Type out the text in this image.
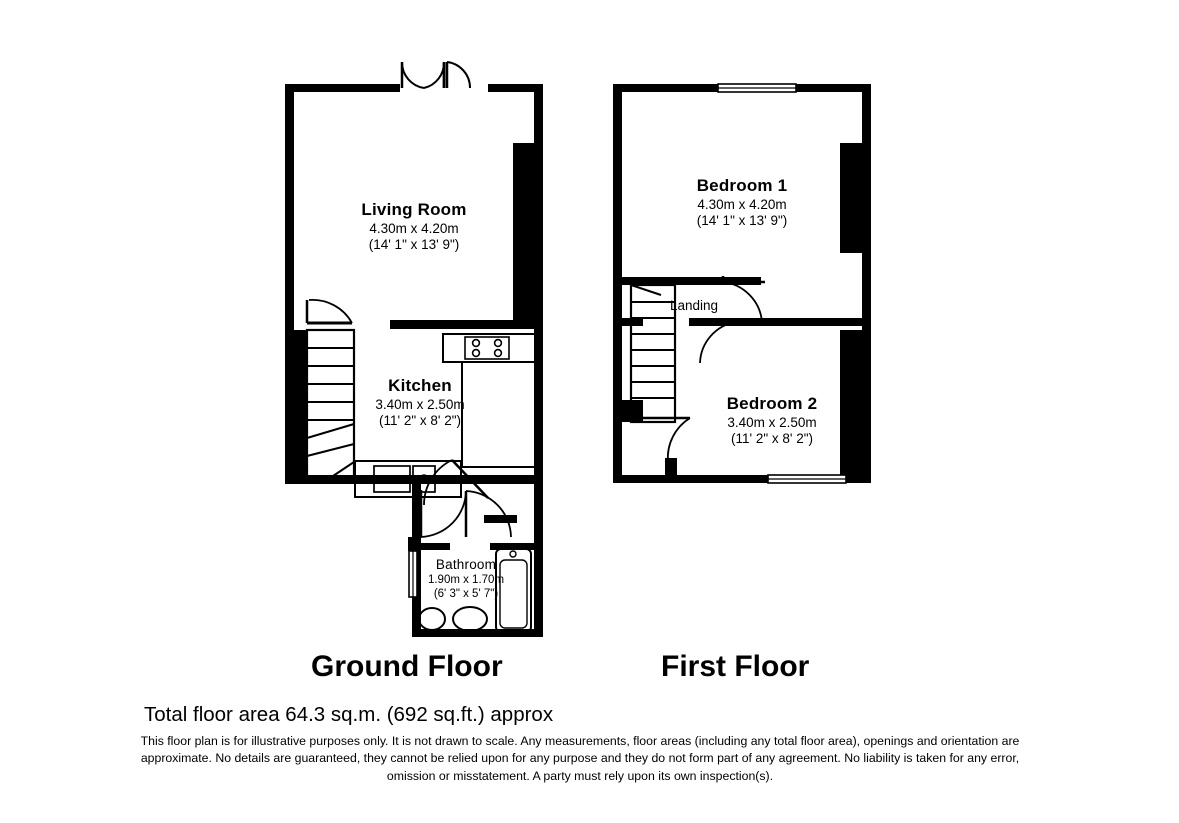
Living Room
4.30m x 4.20m
(14' 1" x 13' 9")
Kitchen
3.40m x 2.50m
(11' 2" x 8' 2")
Bathroom
1.90m x 1.70m
(6' 3" x 5' 7")
Bedroom 1
4.30m x 4.20m
(14' 1" x 13' 9")
Bedroom 2
3.40m x 2.50m
(11' 2" x 8' 2")
Landing
Ground Floor	First Floor
Total floor area 64.3 sq.m. (692 sq.ft.) approx
This floor plan is for illustrative purposes only. It is not drawn to scale. Any measurements, floor areas (including any total floor area), openings and orientation are approximate. No details are guaranteed, they cannot be relied upon for any purpose and they do not form part of any agreement. No liability is taken for any error, omission or misstatement. A party must rely upon its own inspection(s).
